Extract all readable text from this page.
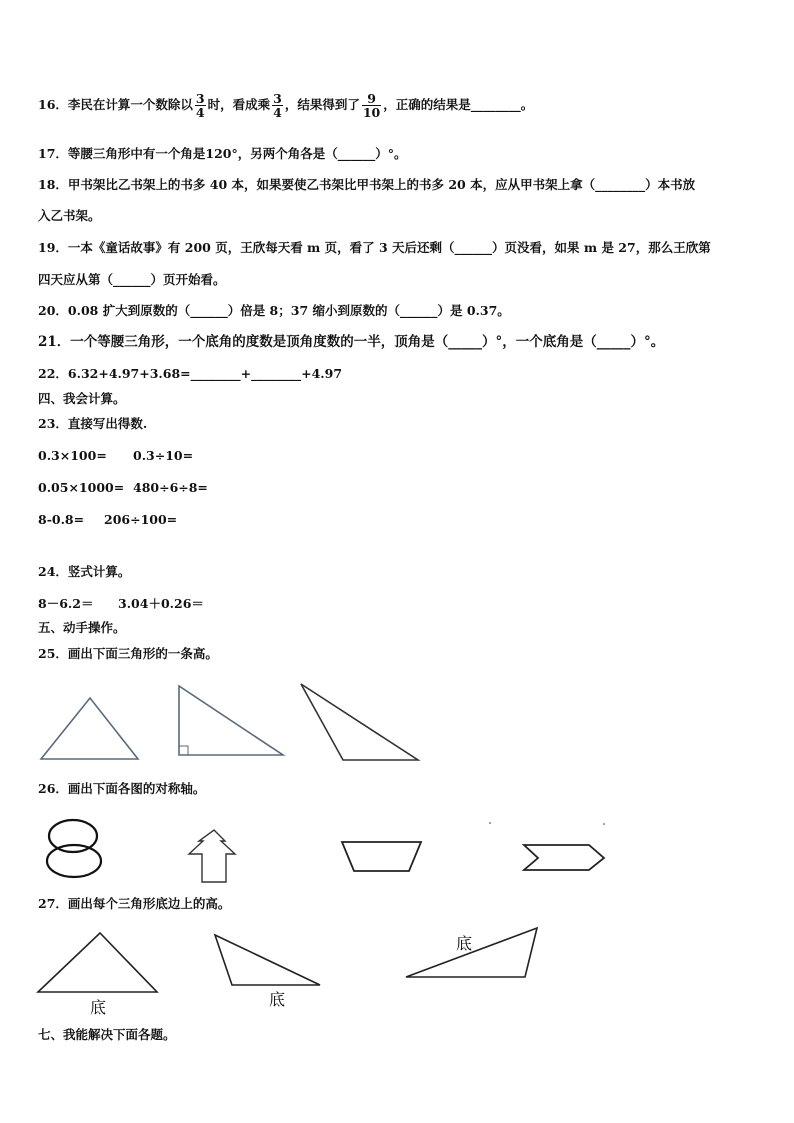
16．李民在计算一个数除以 $\frac{3}{4}$ 时，看成乘 $\frac{3}{4}$ ，结果得到了 $\frac{9}{10}$ ，正确的结果是________。
17．等腰三角形中有一个角是120°，另两个角各是（______）°。
18．甲书架比乙书架上的书多 40 本，如果要使乙书架比甲书架上的书多 20 本，应从甲书架上拿（________）本书放
入乙书架。
19．一本《童话故事》有 200 页，王欣每天看 m 页，看了 3 天后还剩（______）页没看，如果 m 是 27，那么王欣第
四天应从第（______）页开始看。
20．0.08 扩大到原数的（______）倍是 8；37 缩小到原数的（______）是 0.37。
21．一个等腰三角形，一个底角的度数是顶角度数的一半，顶角是（_____）°，一个底角是（_____）°。
22．6.32+4.97+3.68=________+________+4.97
四、我会计算。
23．直接写出得数.
0.3×100= 0.3÷10=
0.05×1000= 480÷6÷8=
8-0.8= 206÷100=
24．竖式计算。
8－6.2＝ 3.04＋0.26＝
五、动手操作。
25．画出下面三角形的一条高。
26．画出下面各图的对称轴。
27．画出每个三角形底边上的高。
七、我能解决下面各题。
底	底
底
